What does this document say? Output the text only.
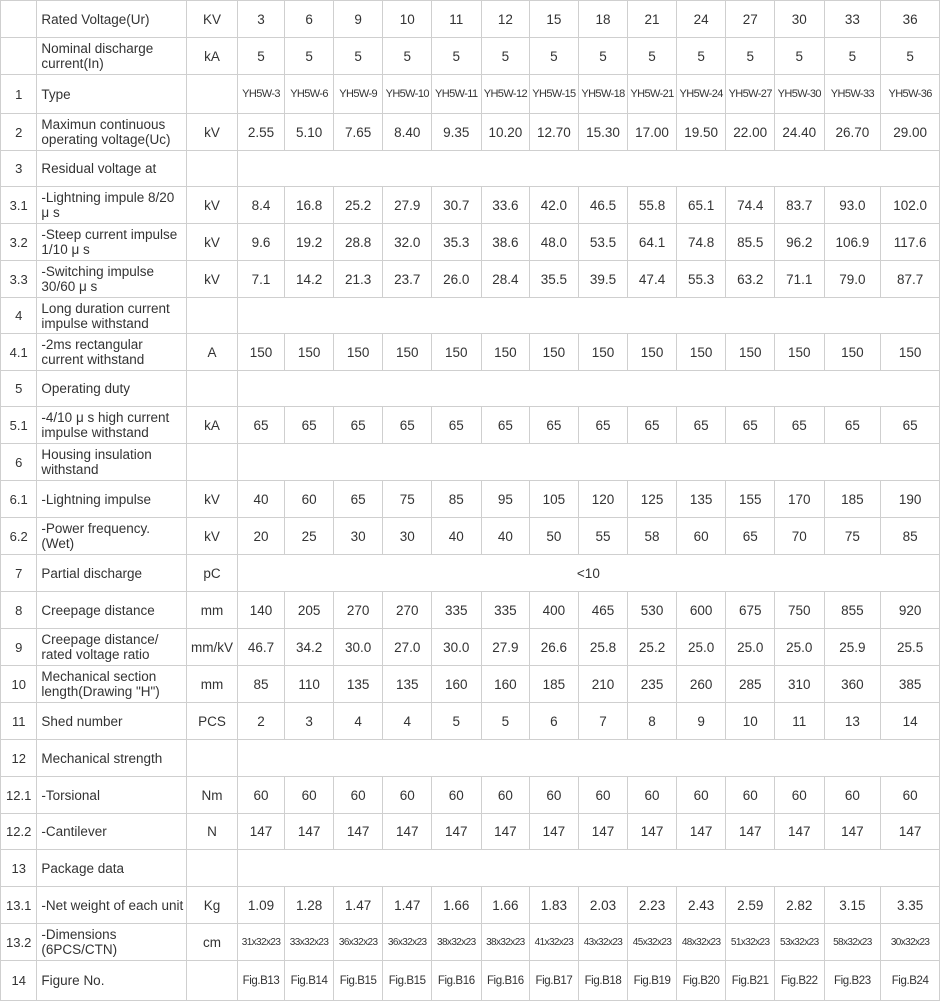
	Rated Voltage(Ur)	KV	3	6	9	10	11	12	15	18	21	24	27	30	33	36
	Nominal discharge current(In)	kA	5	5	5	5	5	5	5	5	5	5	5	5	5	5
1	Type		YH5W-3	YH5W-6	YH5W-9	YH5W-10	YH5W-11	YH5W-12	YH5W-15	YH5W-18	YH5W-21	YH5W-24	YH5W-27	YH5W-30	YH5W-33	YH5W-36
2	Maximun continuous operating voltage(Uc)	kV	2.55	5.10	7.65	8.40	9.35	10.20	12.70	15.30	17.00	19.50	22.00	24.40	26.70	29.00
3	Residual voltage at															
3.1	-Lightning impule 8/20 μ s	kV	8.4	16.8	25.2	27.9	30.7	33.6	42.0	46.5	55.8	65.1	74.4	83.7	93.0	102.0
3.2	-Steep current impulse 1/10 μ s	kV	9.6	19.2	28.8	32.0	35.3	38.6	48.0	53.5	64.1	74.8	85.5	96.2	106.9	117.6
3.3	-Switching impulse 30/60 μ s	kV	7.1	14.2	21.3	23.7	26.0	28.4	35.5	39.5	47.4	55.3	63.2	71.1	79.0	87.7
4	Long duration current impulse withstand															
4.1	-2ms rectangular current withstand	A	150	150	150	150	150	150	150	150	150	150	150	150	150	150
5	Operating duty															
5.1	-4/10 μ s high current impulse withstand	kA	65	65	65	65	65	65	65	65	65	65	65	65	65	65
6	Housing insulation withstand															
6.1	-Lightning impulse	kV	40	60	65	75	85	95	105	120	125	135	155	170	185	190
6.2	-Power frequency. (Wet)	kV	20	25	30	30	40	40	50	55	58	60	65	70	75	85
7	Partial discharge	pC	<10													
8	Creepage distance	mm	140	205	270	270	335	335	400	465	530	600	675	750	855	920
9	Creepage distance/ rated voltage ratio	mm/kV	46.7	34.2	30.0	27.0	30.0	27.9	26.6	25.8	25.2	25.0	25.0	25.0	25.9	25.5
10	Mechanical section length(Drawing "H")	mm	85	110	135	135	160	160	185	210	235	260	285	310	360	385
11	Shed number	PCS	2	3	4	4	5	5	6	7	8	9	10	11	13	14
12	Mechanical strength															
12.1	-Torsional	Nm	60	60	60	60	60	60	60	60	60	60	60	60	60	60
12.2	-Cantilever	N	147	147	147	147	147	147	147	147	147	147	147	147	147	147
13	Package data															
13.1	-Net weight of each unit	Kg	1.09	1.28	1.47	1.47	1.66	1.66	1.83	2.03	2.23	2.43	2.59	2.82	3.15	3.35
13.2	-Dimensions (6PCS/CTN)	cm	31x32x23	33x32x23	36x32x23	36x32x23	38x32x23	38x32x23	41x32x23	43x32x23	45x32x23	48x32x23	51x32x23	53x32x23	58x32x23	30x32x23
14	Figure No.		Fig.B13	Fig.B14	Fig.B15	Fig.B15	Fig.B16	Fig.B16	Fig.B17	Fig.B18	Fig.B19	Fig.B20	Fig.B21	Fig.B22	Fig.B23	Fig.B24
